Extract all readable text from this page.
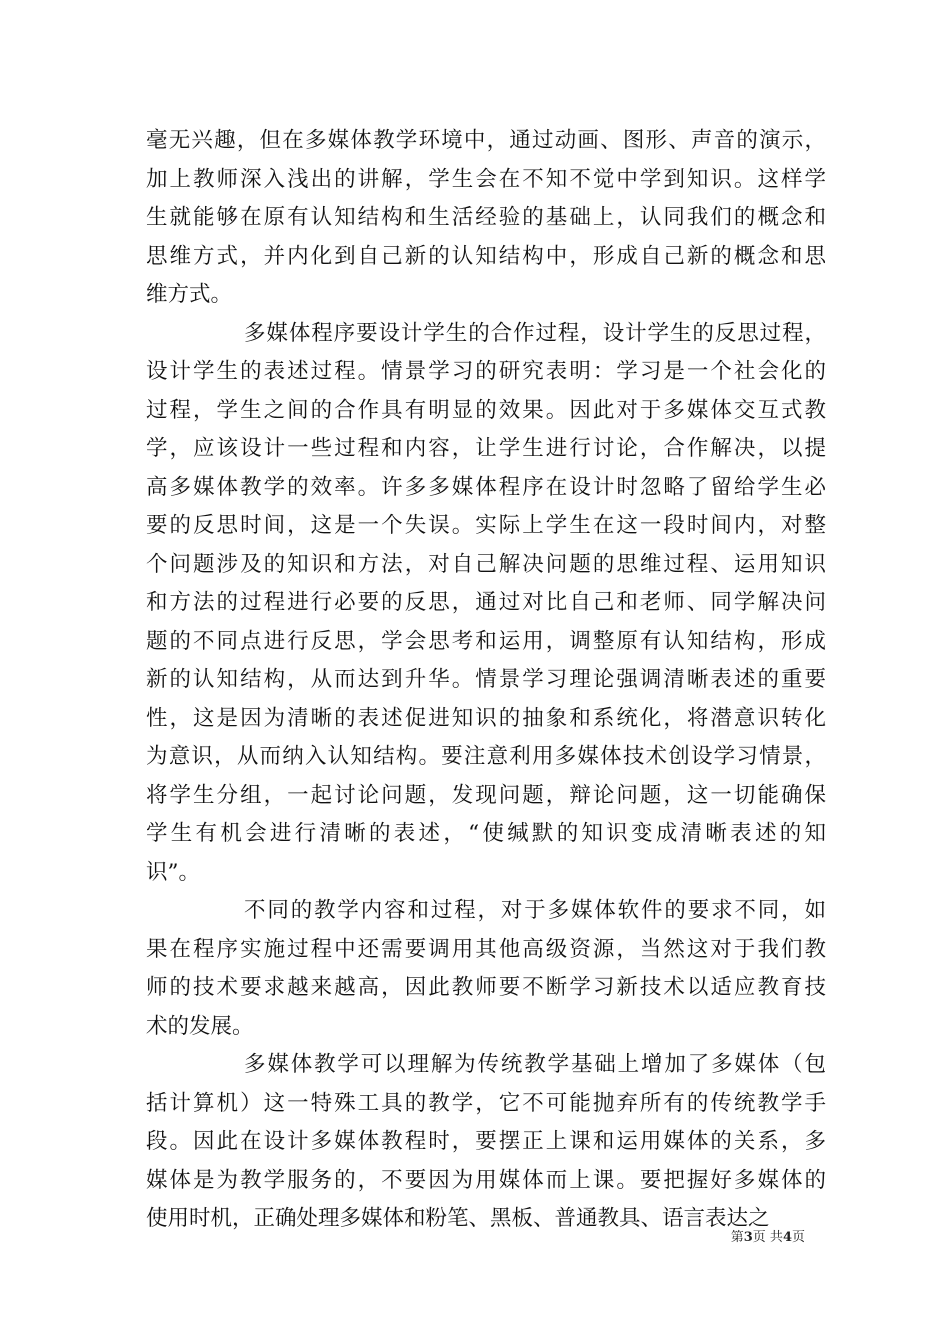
毫无兴趣，但在多媒体教学环境中，通过动画、图形、声音的演示，
加上教师深入浅出的讲解，学生会在不知不觉中学到知识。这样学
生就能够在原有认知结构和生活经验的基础上，认同我们的概念和
思维方式，并内化到自己新的认知结构中，形成自己新的概念和思
维方式。
多媒体程序要设计学生的合作过程，设计学生的反思过程，
设计学生的表述过程。情景学习的研究表明：学习是一个社会化的
过程，学生之间的合作具有明显的效果。因此对于多媒体交互式教
学，应该设计一些过程和内容，让学生进行讨论，合作解决，以提
高多媒体教学的效率。许多多媒体程序在设计时忽略了留给学生必
要的反思时间，这是一个失误。实际上学生在这一段时间内，对整
个问题涉及的知识和方法，对自己解决问题的思维过程、运用知识
和方法的过程进行必要的反思，通过对比自己和老师、同学解决问
题的不同点进行反思，学会思考和运用，调整原有认知结构，形成
新的认知结构，从而达到升华。情景学习理论强调清晰表述的重要
性，这是因为清晰的表述促进知识的抽象和系统化，将潜意识转化
为意识，从而纳入认知结构。要注意利用多媒体技术创设学习情景，
将学生分组，一起讨论问题，发现问题，辩论问题，这一切能确保
学生有机会进行清晰的表述，“使缄默的知识变成清晰表述的知
识”。
不同的教学内容和过程，对于多媒体软件的要求不同，如
果在程序实施过程中还需要调用其他高级资源，当然这对于我们教
师的技术要求越来越高，因此教师要不断学习新技术以适应教育技
术的发展。
多媒体教学可以理解为传统教学基础上增加了多媒体（包
括计算机）这一特殊工具的教学，它不可能抛弃所有的传统教学手
段。因此在设计多媒体教程时，要摆正上课和运用媒体的关系，多
媒体是为教学服务的，不要因为用媒体而上课。要把握好多媒体的
使用时机，正确处理多媒体和粉笔、黑板、普通教具、语言表达之
第3页 共4页
